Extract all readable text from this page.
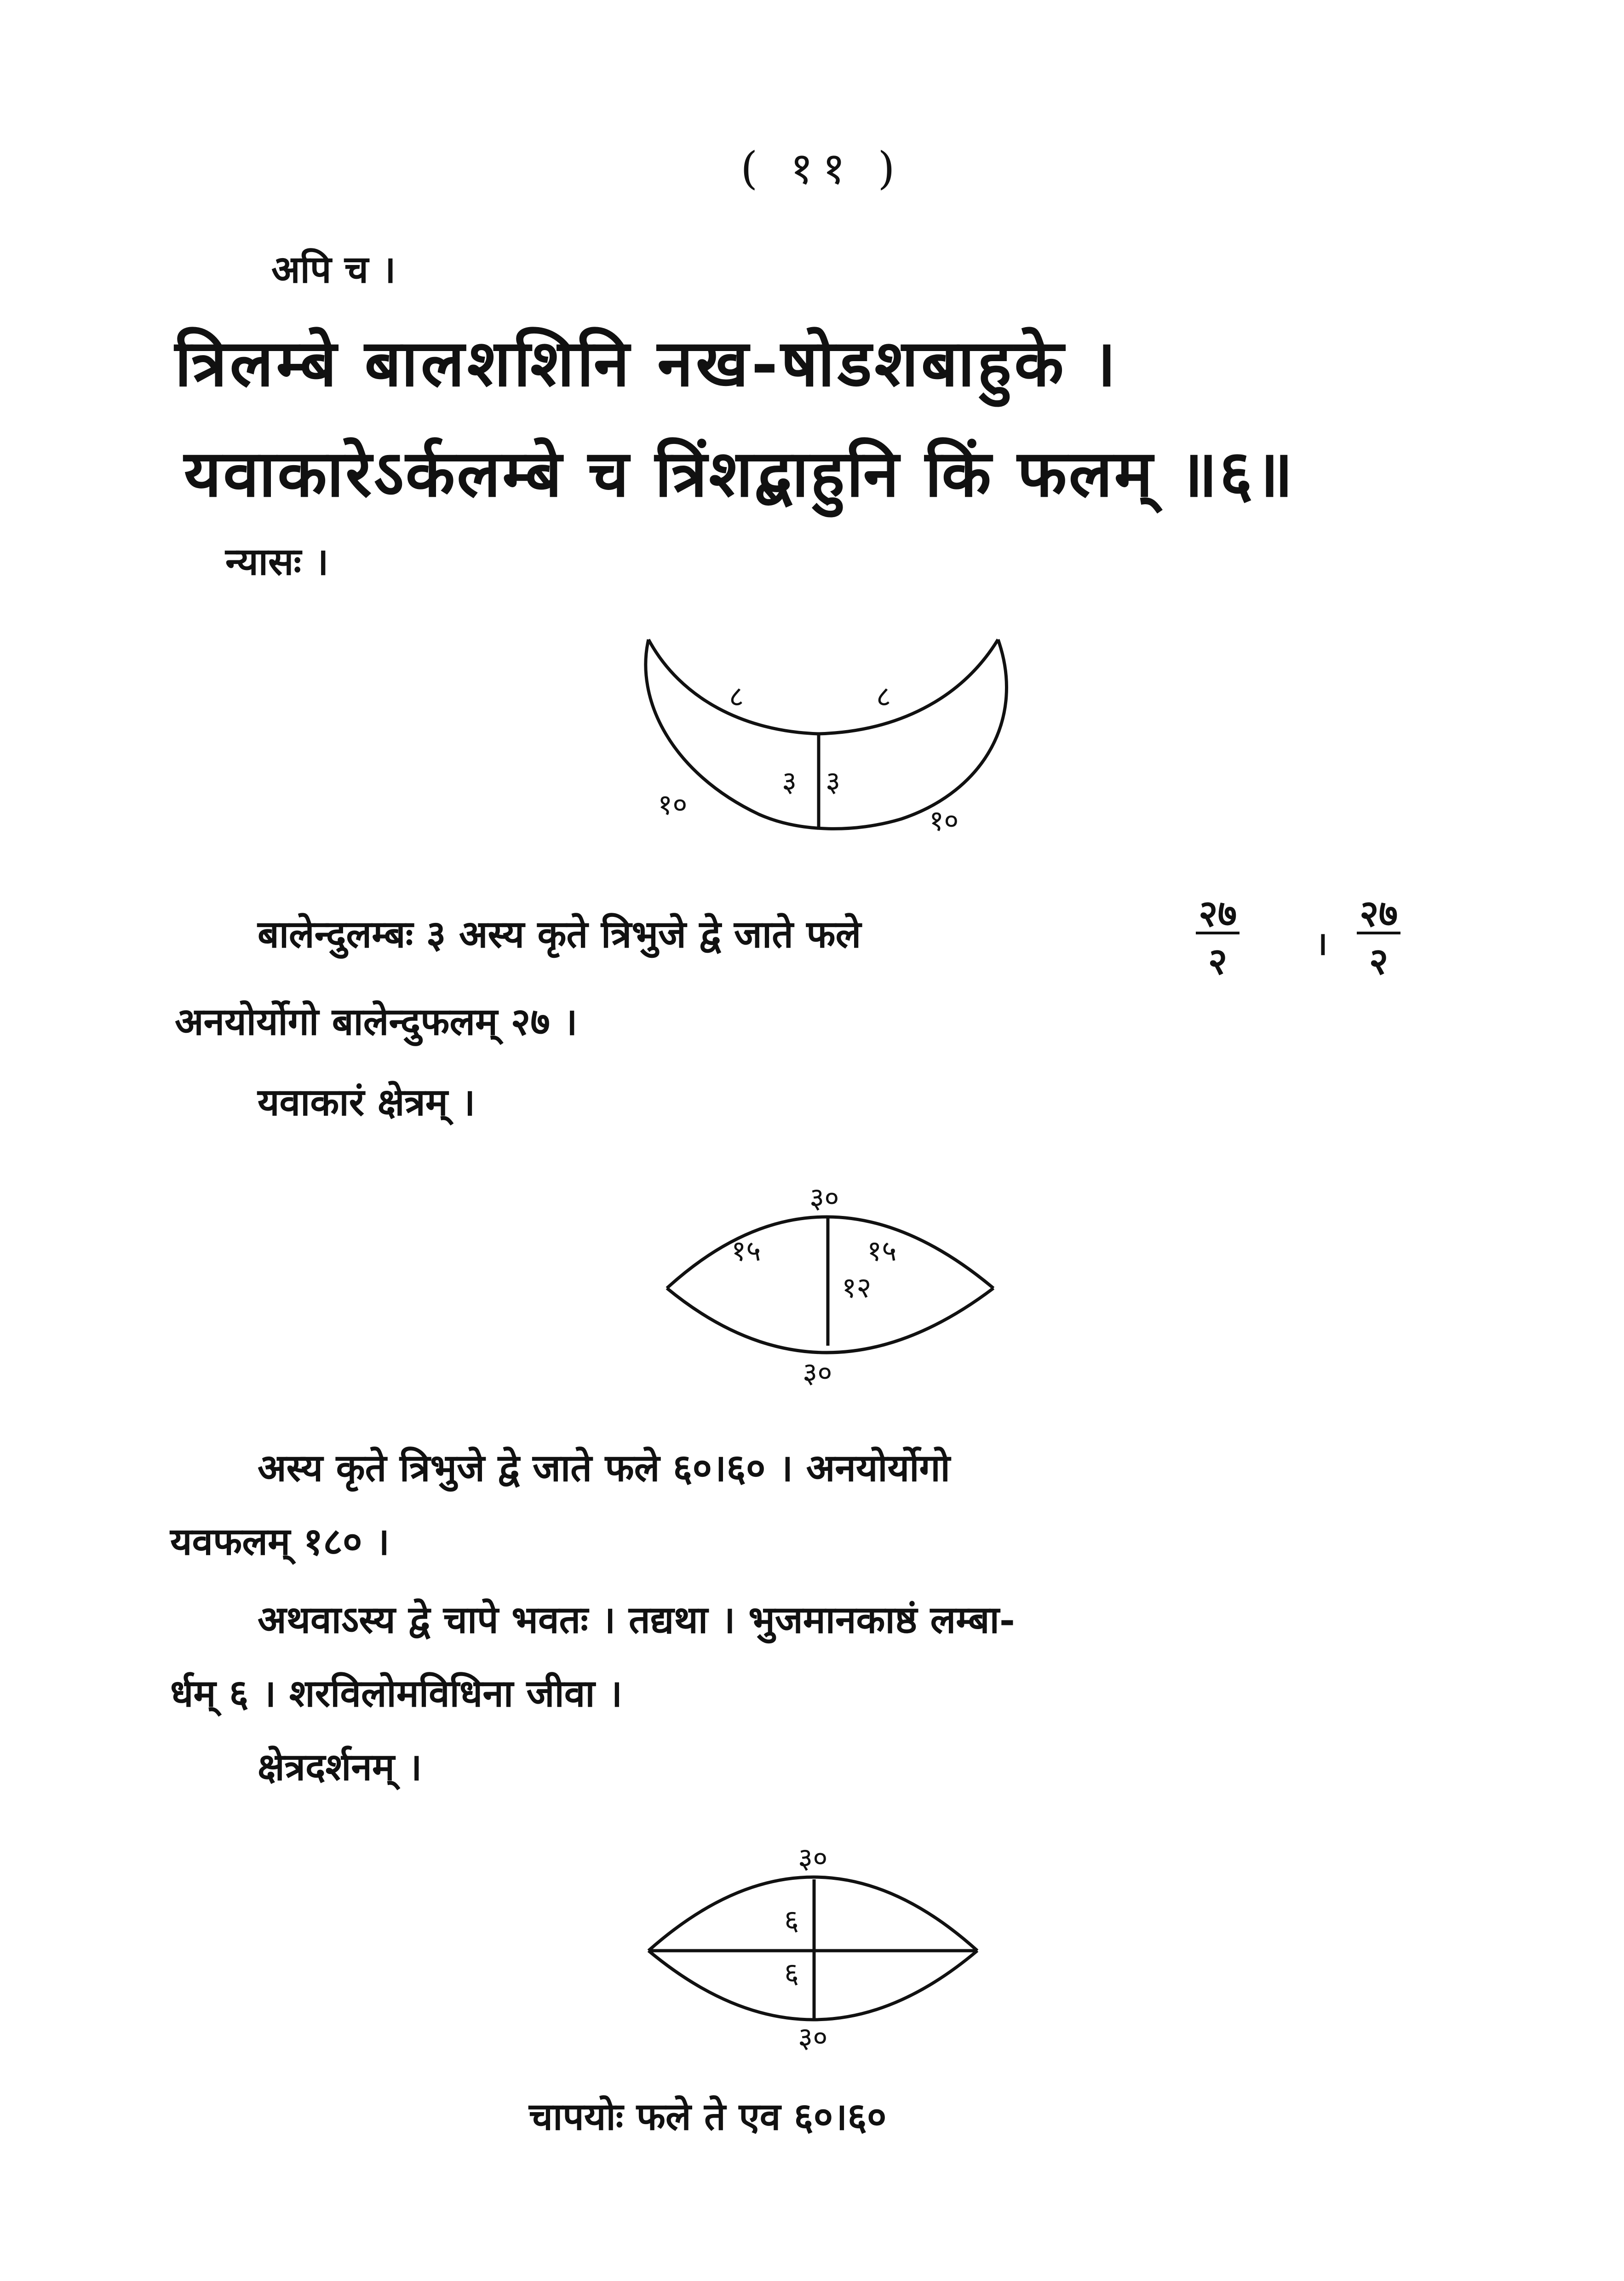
( ११ )
अपि च ।
त्रिलम्बे बालशशिनि नख-षोडशबाहुके ।
यवाकारेऽर्कलम्बे च त्रिंशद्बाहुनि किं फलम् ॥६॥
न्यासः ।
८	८
३ ३
१०	१०
३०
१५	१५
१२
३०
३०
६
६
३०
बालेन्दुलम्बः ३ अस्य कृते त्रिभुजे द्वे जाते फले	२७
२	।
२७
२
अनयोर्योगो बालेन्दुफलम् २७ ।
यवाकारं क्षेत्रम् ।
अस्य कृते त्रिभुजे द्वे जाते फले ६०।६० । अनयोर्योगो
यवफलम् १८० ।
अथवाऽस्य द्वे चापे भवतः । तद्यथा । भुजमानकाष्ठं लम्बा-
र्धम् ६ । शरविलोमविधिना जीवा ।
क्षेत्रदर्शनम् ।
चापयोः फले ते एव ६०।६०
